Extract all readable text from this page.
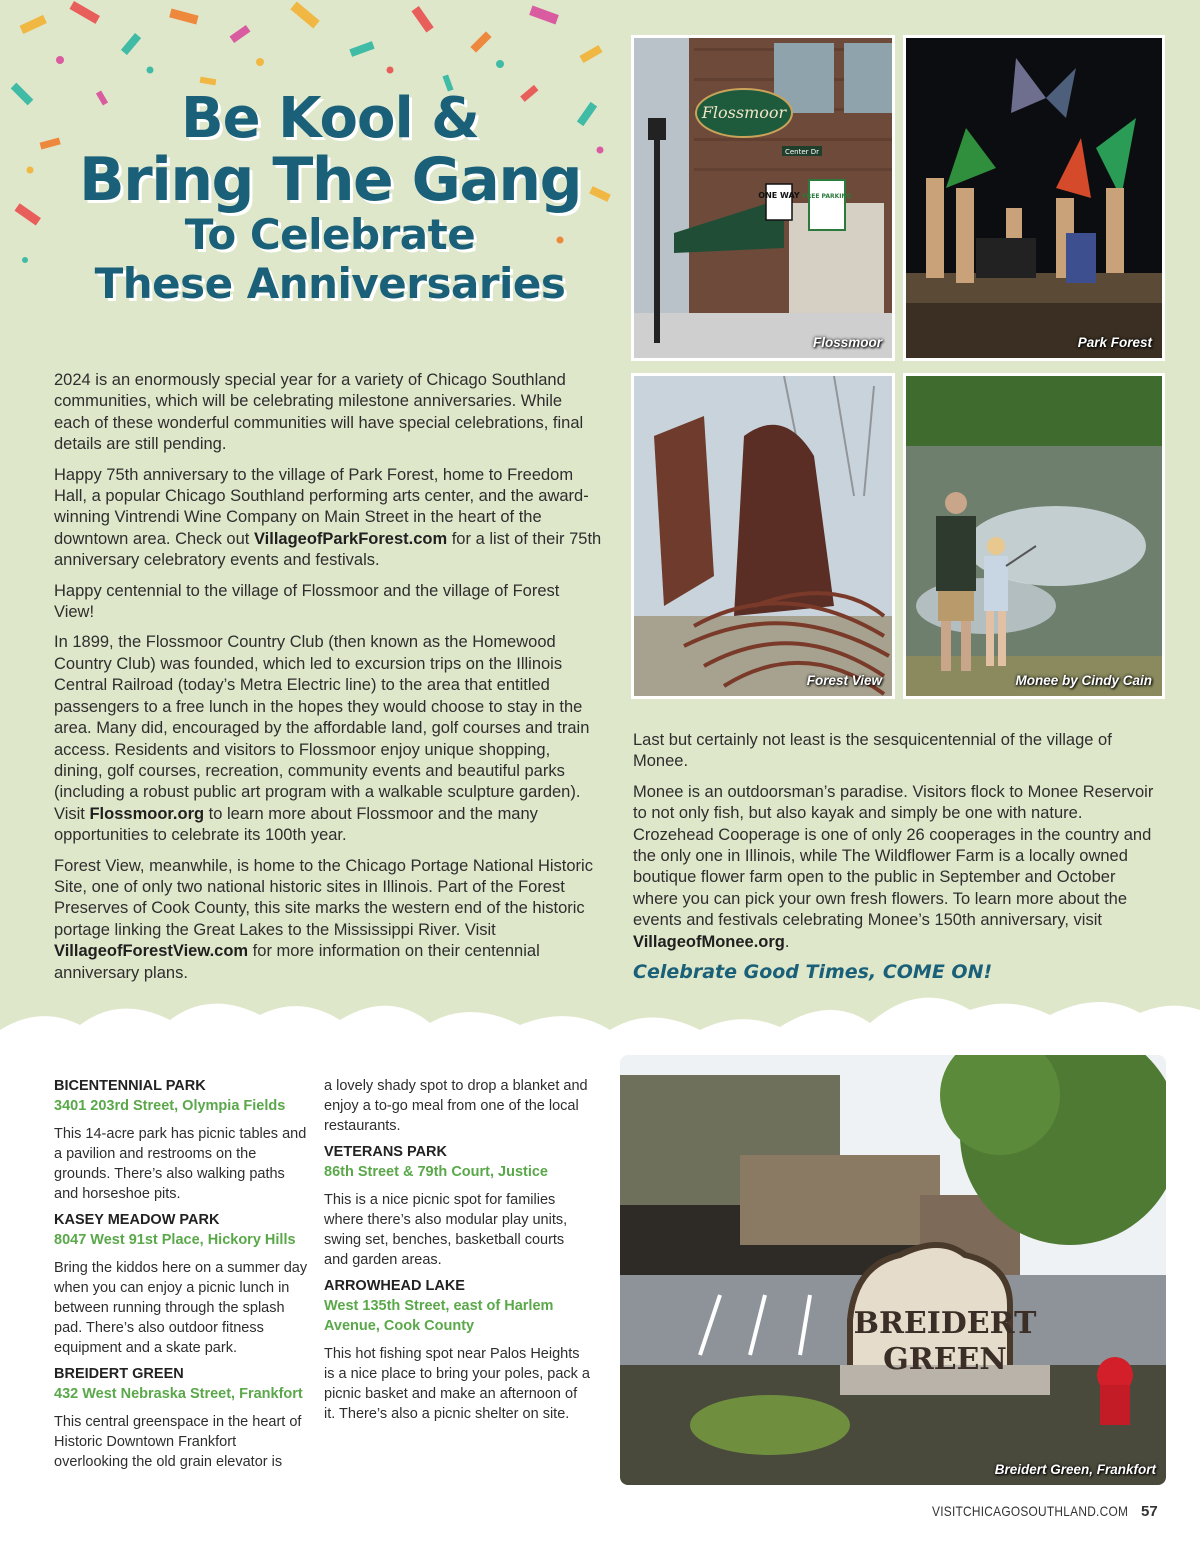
Be Kool &
Bring The Gang
To Celebrate
These Anniversaries

2024 is an enormously special year for a variety of Chicago Southland communities, which will be celebrating milestone anniversaries. While each of these wonderful communities will have special celebrations, final details are still pending.

Happy 75th anniversary to the village of Park Forest, home to Freedom Hall, a popular Chicago Southland performing arts center, and the award-winning Vintrendi Wine Company on Main Street in the heart of the downtown area. Check out VillageofParkForest.com for a list of their 75th anniversary celebratory events and festivals.

Happy centennial to the village of Flossmoor and the village of Forest View!

In 1899, the Flossmoor Country Club (then known as the Homewood Country Club) was founded, which led to excursion trips on the Illinois Central Railroad (today’s Metra Electric line) to the area that entitled passengers to a free lunch in the hopes they would choose to stay in the area. Many did, encouraged by the affordable land, golf courses and train access. Residents and visitors to Flossmoor enjoy unique shopping, dining, golf courses, recreation, community events and beautiful parks (including a robust public art program with a walkable sculpture garden). Visit Flossmoor.org to learn more about Flossmoor and the many opportunities to celebrate its 100th year.

Forest View, meanwhile, is home to the Chicago Portage National Historic Site, one of only two national historic sites in Illinois. Part of the Forest Preserves of Cook County, this site marks the western end of the historic portage linking the Great Lakes to the Mississippi River. Visit VillageofForestView.com for more information on their centennial anniversary plans.

Flossmoor
ONE WAY FREE PARKING
Center Dr
Flossmoor	Park Forest
Forest View	Monee by Cindy Cain

Last but certainly not least is the sesquicentennial of the village of Monee.

Monee is an outdoorsman’s paradise. Visitors flock to Monee Reservoir to not only fish, but also kayak and simply be one with nature. Crozehead Cooperage is one of only 26 cooperages in the country and the only one in Illinois, while The Wildflower Farm is a locally owned boutique flower farm open to the public in September and October where you can pick your own fresh flowers. To learn more about the events and festivals celebrating Monee’s 150th anniversary, visit VillageofMonee.org.

Celebrate Good Times, COME ON!
BICENTENNIAL PARK
3401 203rd Street, Olympia Fields
This 14-acre park has picnic tables and a pavilion and restrooms on the grounds. There’s also walking paths and horseshoe pits.
KASEY MEADOW PARK
8047 West 91st Place, Hickory Hills
Bring the kiddos here on a summer day when you can enjoy a picnic lunch in between running through the splash pad. There’s also outdoor fitness equipment and a skate park.
BREIDERT GREEN
432 West Nebraska Street, Frankfort
This central greenspace in the heart of Historic Downtown Frankfort overlooking the old grain elevator is
a lovely shady spot to drop a blanket and enjoy a to-go meal from one of the local restaurants.
VETERANS PARK
86th Street & 79th Court, Justice
This is a nice picnic spot for families where there’s also modular play units, swing set, benches, basketball courts and garden areas.
ARROWHEAD LAKE
West 135th Street, east of Harlem Avenue, Cook County
This hot fishing spot near Palos Heights is a nice place to bring your poles, pack a picnic basket and make an afternoon of it. There’s also a picnic shelter on site.
BREIDERT
GREEN
Breidert Green, Frankfort
VISITCHICAGOSOUTHLAND.COM 57
